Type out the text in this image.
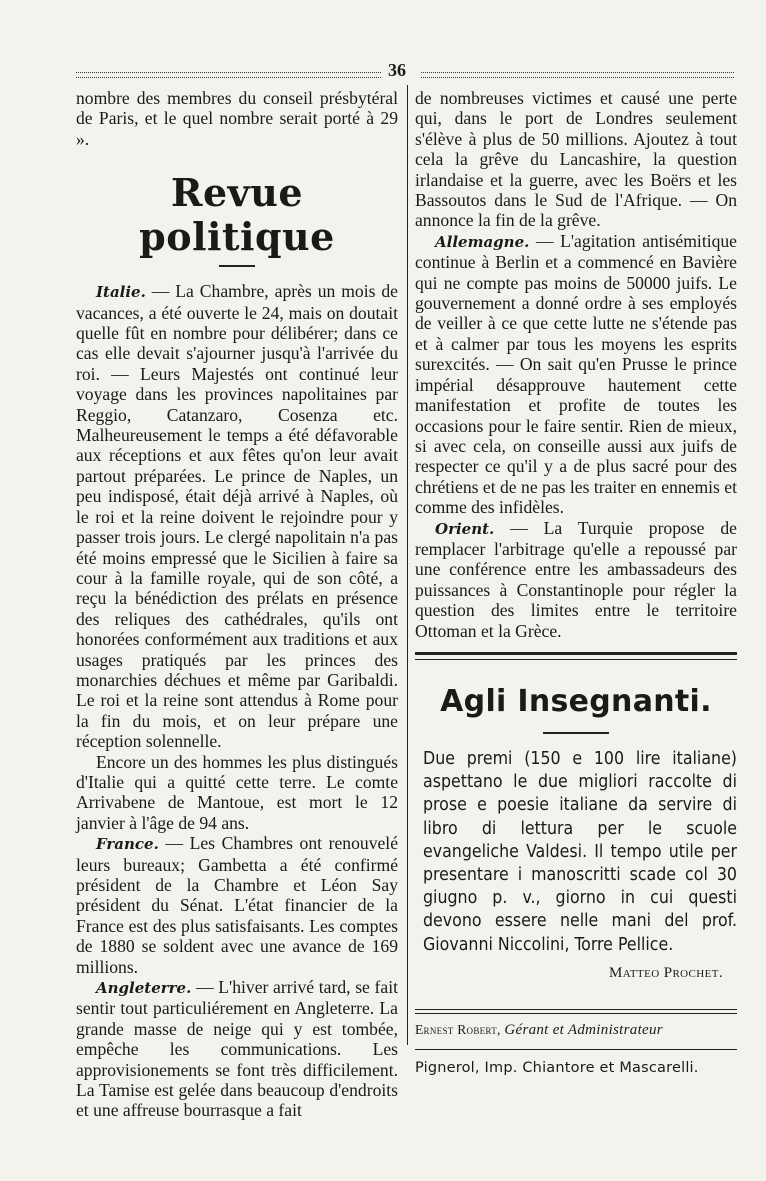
36

nombre des membres du conseil présbytéral de Paris, et le quel nombre serait porté à 29 ».

Revue politique

Italie. — La Chambre, après un mois de vacances, a été ouverte le 24, mais on doutait quelle fût en nombre pour délibérer; dans ce cas elle devait s'ajourner jusqu'à l'arrivée du roi. — Leurs Majestés ont continué leur voyage dans les provinces napolitaines par Reggio, Catanzaro, Cosenza etc. Malheureusement le temps a été défavorable aux réceptions et aux fêtes qu'on leur avait partout préparées. Le prince de Naples, un peu indisposé, était déjà arrivé à Naples, où le roi et la reine doivent le rejoindre pour y passer trois jours. Le clergé napolitain n'a pas été moins empressé que le Sicilien à faire sa cour à la famille royale, qui de son côté, a reçu la bénédiction des prélats en présence des reliques des cathédrales, qu'ils ont honorées conformément aux traditions et aux usages pratiqués par les princes des monarchies déchues et même par Garibaldi. Le roi et la reine sont attendus à Rome pour la fin du mois, et on leur prépare une réception solennelle.

Encore un des hommes les plus distingués d'Italie qui a quitté cette terre. Le comte Arrivabene de Mantoue, est mort le 12 janvier à l'âge de 94 ans.

France. — Les Chambres ont renouvelé leurs bureaux; Gambetta a été confirmé président de la Chambre et Léon Say président du Sénat. L'état financier de la France est des plus satisfaisants. Les comptes de 1880 se soldent avec une avance de 169 millions.

Angleterre. — L'hiver arrivé tard, se fait sentir tout particuliérement en Angleterre. La grande masse de neige qui y est tombée, empêche les communications. Les approvisionements se font très difficilement. La Tamise est gelée dans beaucoup d'endroits et une affreuse bourrasque a fait

de nombreuses victimes et causé une perte qui, dans le port de Londres seulement s'élève à plus de 50 millions. Ajoutez à tout cela la grêve du Lancashire, la question irlandaise et la guerre, avec les Boërs et les Bassoutos dans le Sud de l'Afrique. — On annonce la fin de la grêve.

Allemagne. — L'agitation antisémitique continue à Berlin et a commencé en Bavière qui ne compte pas moins de 50000 juifs. Le gouvernement a donné ordre à ses employés de veiller à ce que cette lutte ne s'étende pas et à calmer par tous les moyens les esprits surexcités. — On sait qu'en Prusse le prince impérial désapprouve hautement cette manifestation et profite de toutes les occasions pour le faire sentir. Rien de mieux, si avec cela, on conseille aussi aux juifs de respecter ce qu'il y a de plus sacré pour des chrétiens et de ne pas les traiter en ennemis et comme des infidèles.

Orient. — La Turquie propose de remplacer l'arbitrage qu'elle a repoussé par une conférence entre les ambassadeurs des puissances à Constantinople pour régler la question des limites entre le territoire Ottoman et la Grèce.

Agli Insegnanti.
Due premi (150 e 100 lire italiane) aspettano le due migliori raccolte di prose e poesie italiane da servire di libro di lettura per le scuole evangeliche Valdesi. Il tempo utile per presentare i manoscritti scade col 30 giugno p. v., giorno in cui questi devono essere nelle mani del prof. Giovanni Niccolini, Torre Pellice.
Matteo Prochet.
Ernest Robert, Gérant et Administrateur
Pignerol, Imp. Chiantore et Mascarelli.
